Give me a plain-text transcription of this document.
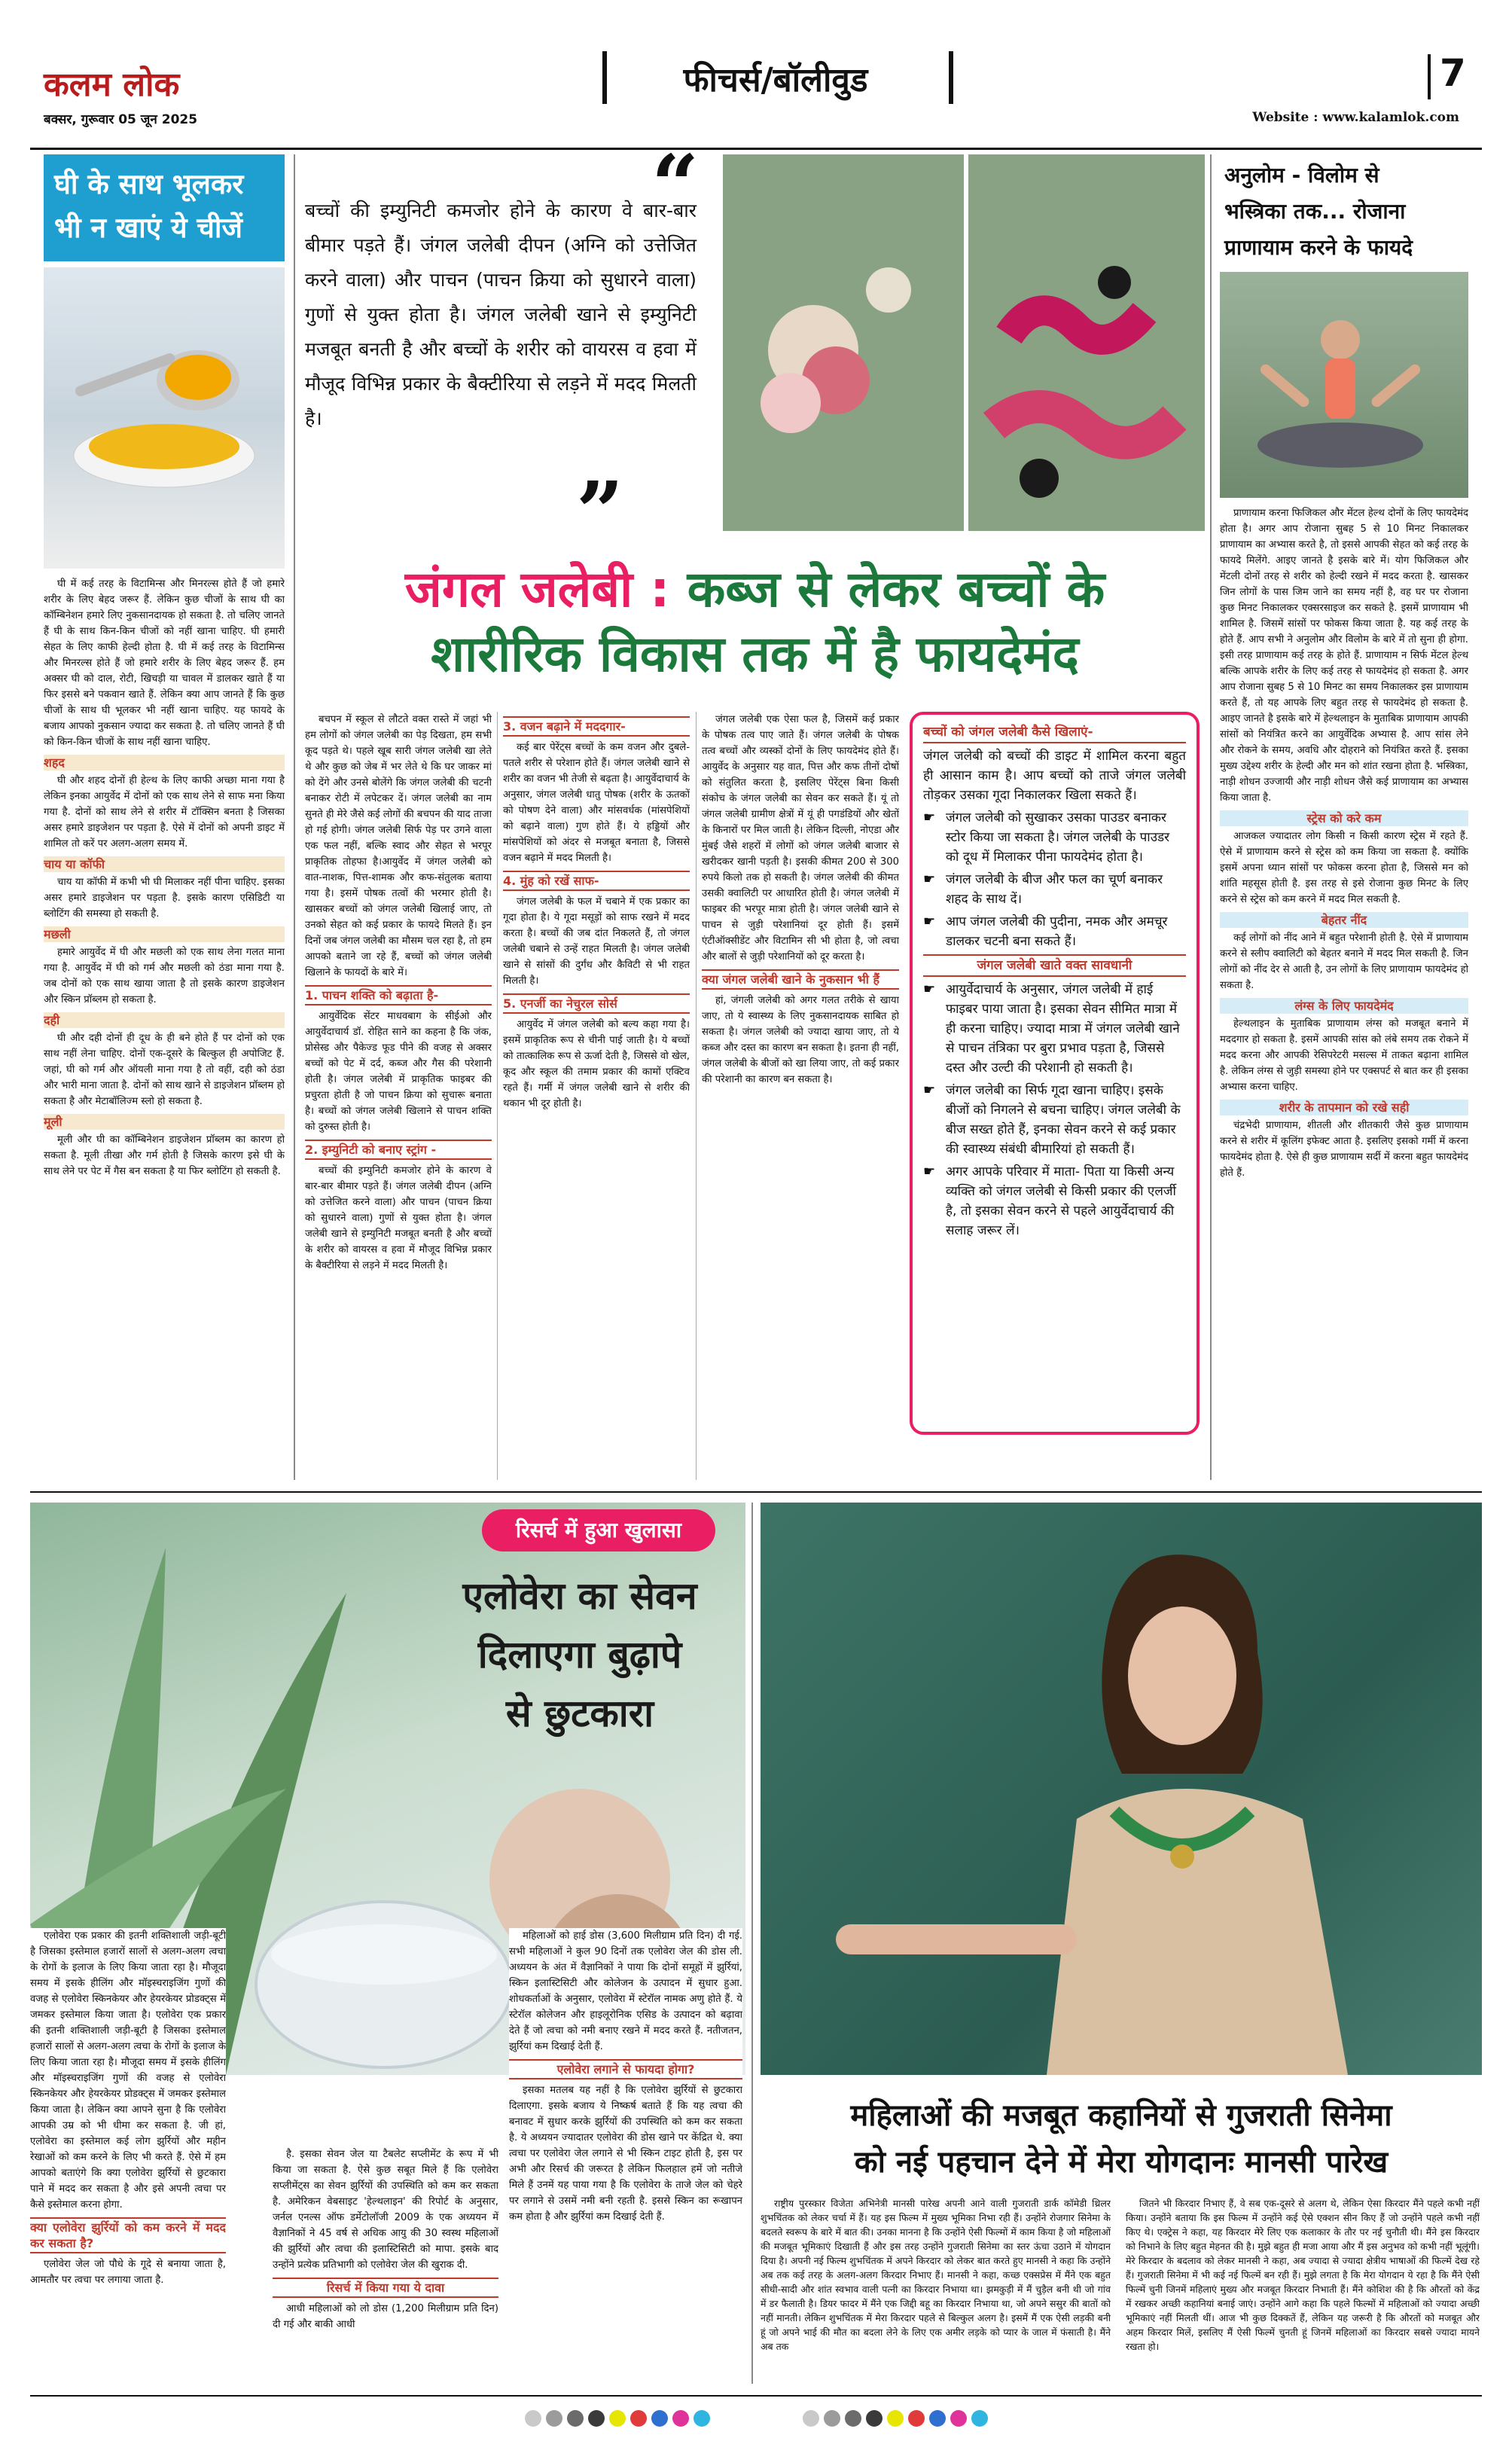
कलम लोक	फीचर्स/बॉलीवुड	7
बक्सर, गुरूवार 05 जून 2025	Website : www.kalamlok.com
घी के साथ भूलकर
भी न खाएं ये चीजें

घी में कई तरह के विटामिन्स और मिनरल्स होते हैं जो हमारे शरीर के लिए बेहद जरूर हैं. लेकिन कुछ चीजों के साथ घी का कॉम्बिनेशन हमारे लिए नुकसानदायक हो सकता है. तो चलिए जानते हैं घी के साथ किन-किन चीजों को नहीं खाना चाहिए. घी हमारी सेहत के लिए काफी हेल्दी होता है. घी में कई तरह के विटामिन्स और मिनरल्स होते हैं जो हमारे शरीर के लिए बेहद जरूर हैं. हम अक्सर घी को दाल, रोटी, खिचड़ी या चावल में डालकर खाते हैं या फिर इससे बने पकवान खाते हैं. लेकिन क्या आप जानते हैं कि कुछ चीजों के साथ घी भूलकर भी नहीं खाना चाहिए. यह फायदे के बजाय आपको नुकसान ज्यादा कर सकता है. तो चलिए जानते हैं घी को किन-किन चीजों के साथ नहीं खाना चाहिए.

शहद

घी और शहद दोनों ही हेल्थ के लिए काफी अच्छा माना गया है लेकिन इनका आयुर्वेद में दोनों को एक साथ लेने से साफ मना किया गया है. दोनों को साथ लेने से शरीर में टॉक्सिन बनता है जिसका असर हमारे डाइजेशन पर पड़ता है. ऐसे में दोनों को अपनी डाइट में शामिल तो करें पर अलग-अलग समय में.

चाय या कॉफी

चाय या कॉफी में कभी भी घी मिलाकर नहीं पीना चाहिए. इसका असर हमारे डाइजेशन पर पड़ता है. इसके कारण एसिडिटी या ब्लोटिंग की समस्या हो सकती है.

मछली

हमारे आयुर्वेद में घी और मछली को एक साथ लेना गलत माना गया है. आयुर्वेद में घी को गर्म और मछली को ठंडा माना गया है. जब दोनों को एक साथ खाया जाता है तो इसके कारण डाइजेशन और स्किन प्रॉब्लम हो सकता है.

दही

घी और दही दोनों ही दूध के ही बने होते हैं पर दोनों को एक साथ नहीं लेना चाहिए. दोनों एक-दूसरे के बिल्कुल ही अपोजिट हैं. जहां, घी को गर्म और ऑयली माना गया है तो वहीं, दही को ठंडा और भारी माना जाता है. दोनों को साथ खाने से डाइजेशन प्रॉब्लम हो सकता है और मेटाबॉलिज्म स्लो हो सकता है.

मूली

मूली और घी का कॉम्बिनेशन डाइजेशन प्रॉब्लम का कारण हो सकता है. मूली तीखा और गर्म होती है जिसके कारण इसे घी के साथ लेने पर पेट में गैस बन सकता है या फिर ब्लोटिंग हो सकती है.

“
बच्चों की इम्युनिटी कमजोर होने के कारण वे बार-बार बीमार पड़ते हैं। जंगल जलेबी दीपन (अग्नि को उत्तेजित करने वाला) और पाचन (पाचन क्रिया को सुधारने वाला) गुणों से युक्त होता है। जंगल जलेबी खाने से इम्युनिटी मजबूत बनती है और बच्चों के शरीर को वायरस व हवा में मौजूद विभिन्न प्रकार के बैक्टीरिया से लड़ने में मदद मिलती है।
”
जंगल जलेबी : कब्ज से लेकर बच्चों के
शारीरिक विकास तक में है फायदेमंद

बचपन में स्कूल से लौटते वक्त रास्ते में जहां भी हम लोगों को जंगल जलेबी का पेड़ दिखता, हम सभी कूद पड़ते थे। पहले खूब सारी जंगल जलेबी खा लेते थे और कुछ को जेब में भर लेते थे कि घर जाकर मां को देंगे और उनसे बोलेंगे कि जंगल जलेबी की चटनी बनाकर रोटी में लपेटकर दें। जंगल जलेबी का नाम सुनते ही मेरे जैसे कई लोगों की बचपन की याद ताजा हो गई होगी। जंगल जलेबी सिर्फ पेड़ पर उगने वाला एक फल नहीं, बल्कि स्वाद और सेहत से भरपूर प्राकृतिक तोहफा है।आयुर्वेद में जंगल जलेबी को वात-नाशक, पित्त-शामक और कफ-संतुलक बताया गया है। इसमें पोषक तत्वों की भरमार होती है। खासकर बच्चों को जंगल जलेबी खिलाई जाए, तो उनको सेहत को कई प्रकार के फायदे मिलते हैं। इन दिनों जब जंगल जलेबी का मौसम चल रहा है, तो हम आपको बताने जा रहे हैं, बच्चों को जंगल जलेबी खिलाने के फायदों के बारे में।

1. पाचन शक्ति को बढ़ाता है-

आयुर्वेदिक सेंटर माधवबाग के सीईओ और आयुर्वेदाचार्य डॉ. रोहित साने का कहना है कि जंक, प्रोसेस्ड और पैकेज्ड फूड पीने की वजह से अक्सर बच्चों को पेट में दर्द, कब्ज और गैस की परेशानी होती है। जंगल जलेबी में प्राकृतिक फाइबर की प्रचुरता होती है जो पाचन क्रिया को सुचारू बनाता है। बच्चों को जंगल जलेबी खिलाने से पाचन शक्ति को दुरुस्त होती है।

2. इम्युनिटी को बनाए स्ट्रांग -

बच्चों की इम्युनिटी कमजोर होने के कारण वे बार-बार बीमार पड़ते हैं। जंगल जलेबी दीपन (अग्नि को उत्तेजित करने वाला) और पाचन (पाचन क्रिया को सुधारने वाला) गुणों से युक्त होता है। जंगल जलेबी खाने से इम्युनिटी मजबूत बनती है और बच्चों के शरीर को वायरस व हवा में मौजूद विभिन्न प्रकार के बैक्टीरिया से लड़ने में मदद मिलती है।

3. वजन बढ़ाने में मददगार-

कई बार पेरेंट्स बच्चों के कम वजन और दुबले-पतले शरीर से परेशान होते हैं। जंगल जलेबी खाने से शरीर का वजन भी तेजी से बढ़ता है। आयुर्वेदाचार्य के अनुसार, जंगल जलेबी धातु पोषक (शरीर के ऊतकों को पोषण देने वाला) और मांसवर्धक (मांसपेशियों को बढ़ाने वाला) गुण होते हैं। ये हड्डियों और मांसपेशियों को अंदर से मजबूत बनाता है, जिससे वजन बढ़ाने में मदद मिलती है।

4. मुंह को रखें साफ-

जंगल जलेबी के फल में चबाने में एक प्रकार का गूदा होता है। ये गूदा मसूड़ों को साफ रखने में मदद करता है। बच्चों की जब दांत निकलते हैं, तो जंगल जलेबी चबाने से उन्हें राहत मिलती है। जंगल जलेबी खाने से सांसों की दुर्गंध और कैविटी से भी राहत मिलती है।

5. एनर्जी का नेचुरल सोर्स

आयुर्वेद में जंगल जलेबी को बल्य कहा गया है। इसमें प्राकृतिक रूप से चीनी पाई जाती है। ये बच्चों को तात्कालिक रूप से ऊर्जा देती है, जिससे वो खेल, कूद और स्कूल की तमाम प्रकार की कामों एक्टिव रहते हैं। गर्मी में जंगल जलेबी खाने से शरीर की थकान भी दूर होती है।

जंगल जलेबी एक ऐसा फल है, जिसमें कई प्रकार के पोषक तत्व पाए जाते हैं। जंगल जलेबी के पोषक तत्व बच्चों और व्यस्कों दोनों के लिए फायदेमंद होते हैं। आयुर्वेद के अनुसार यह वात, पित्त और कफ तीनों दोषों को संतुलित करता है, इसलिए पेरेंट्स बिना किसी संकोच के जंगल जलेबी का सेवन कर सकते हैं। यूं तो जंगल जलेबी ग्रामीण क्षेत्रों में यूं ही पगडंडियों और खेतों के किनारों पर मिल जाती है। लेकिन दिल्ली, नोएडा और मुंबई जैसे शहरों में लोगों को जंगल जलेबी बाजार से खरीदकर खानी पड़ती है। इसकी कीमत 200 से 300 रुपये किलो तक हो सकती है। जंगल जलेबी की कीमत उसकी क्वालिटी पर आधारित होती है। जंगल जलेबी में फाइबर की भरपूर मात्रा होती है। जंगल जलेबी खाने से पाचन से जुड़ी परेशानियां दूर होती हैं। इसमें एंटीऑक्सीडेंट और विटामिन सी भी होता है, जो त्वचा और बालों से जुड़ी परेशानियों को दूर करता है।

क्या जंगल जलेबी खाने के नुकसान भी हैं

हां, जंगली जलेबी को अगर गलत तरीके से खाया जाए, तो ये स्वास्थ्य के लिए नुकसानदायक साबित हो सकता है। जंगल जलेबी को ज्यादा खाया जाए, तो ये कब्ज और दस्त का कारण बन सकता है। इतना ही नहीं, जंगल जलेबी के बीजों को खा लिया जाए, तो कई प्रकार की परेशानी का कारण बन सकता है।

बच्चों को जंगल जलेबी कैसे खिलाएं-
जंगल जलेबी को बच्चों की डाइट में शामिल करना बहुत ही आसान काम है। आप बच्चों को ताजे जंगल जलेबी तोड़कर उसका गूदा निकालकर खिला सकते हैं।
☛ जंगल जलेबी को सुखाकर उसका पाउडर बनाकर स्टोर किया जा सकता है। जंगल जलेबी के पाउडर को दूध में मिलाकर पीना फायदेमंद होता है।
☛ जंगल जलेबी के बीज और फल का चूर्ण बनाकर शहद के साथ दें।
☛ आप जंगल जलेबी की पुदीना, नमक और अमचूर डालकर चटनी बना सकते हैं।
जंगल जलेबी खाते वक्त सावधानी
☛ आयुर्वेदाचार्य के अनुसार, जंगल जलेबी में हाई फाइबर पाया जाता है। इसका सेवन सीमित मात्रा में ही करना चाहिए। ज्यादा मात्रा में जंगल जलेबी खाने से पाचन तंत्रिका पर बुरा प्रभाव पड़ता है, जिससे दस्त और उल्टी की परेशानी हो सकती है।
☛ जंगल जलेबी का सिर्फ गूदा खाना चाहिए। इसके बीजों को निगलने से बचना चाहिए। जंगल जलेबी के बीज सख्त होते हैं, इनका सेवन करने से कई प्रकार की स्वास्थ्य संबंधी बीमारियां हो सकती हैं।
☛ अगर आपके परिवार में माता- पिता या किसी अन्य व्यक्ति को जंगल जलेबी से किसी प्रकार की एलर्जी है, तो इसका सेवन करने से पहले आयुर्वेदाचार्य की सलाह जरूर लें।
अनुलोम - विलोम से
भस्त्रिका तक... रोजाना
प्राणायाम करने के फायदे

प्राणायाम करना फिजिकल और मेंटल हेल्थ दोनों के लिए फायदेमंद होता है। अगर आप रोजाना सुबह 5 से 10 मिनट निकालकर प्राणायाम का अभ्यास करते है, तो इससे आपकी सेहत को कई तरह के फायदे मिलेंगे. आइए जानते है इसके बारे में। योग फिजिकल और मेंटली दोनों तरह से शरीर को हेल्दी रखने में मदद करता है. खासकर जिन लोगों के पास जिम जाने का समय नहीं है, वह घर पर रोजाना कुछ मिनट निकालकर एक्सरसाइज कर सकते है. इसमें प्राणायाम भी शामिल है. जिसमें सांसों पर फोकस किया जाता है. यह कई तरह के होते हैं. आप सभी ने अनुलोम और विलोम के बारे में तो सुना ही होगा. इसी तरह प्राणायाम कई तरह के होते हैं. प्राणायाम न सिर्फ मेंटल हेल्थ बल्कि आपके शरीर के लिए कई तरह से फायदेमंद हो सकता है. अगर आप रोजाना सुबह 5 से 10 मिनट का समय निकालकर इस प्राणायाम करते हैं, तो यह आपके लिए बहुत तरह से फायदेमंद हो सकता है. आइए जानते है इसके बारे में हेल्थलाइन के मुताबिक प्राणायाम आपकी सांसों को नियंत्रित करने का आयुर्वेदिक अभ्यास है. आप सांस लेने और रोकने के समय, अवधि और दोहराने को नियंत्रित करते हैं. इसका मुख्य उद्देश्य शरीर के हेल्दी और मन को शांत रखना होता है. भस्त्रिका, नाड़ी शोधन उज्जायी और नाड़ी शोधन जैसे कई प्राणायाम का अभ्यास किया जाता है.

स्ट्रेस को करे कम

आजकल ज्यादातर लोग किसी न किसी कारण स्ट्रेस में रहते हैं. ऐसे में प्राणायाम करने से स्ट्रेस को कम किया जा सकता है. क्योंकि इसमें अपना ध्यान सांसों पर फोकस करना होता है, जिससे मन को शांति महसूस होती है. इस तरह से इसे रोजाना कुछ मिनट के लिए करने से स्ट्रेस को कम करने में मदद मिल सकती है.

बेहतर नींद

कई लोगों को नींद आने में बहुत परेशानी होती है. ऐसे में प्राणायाम करने से स्लीप क्वालिटी को बेहतर बनाने में मदद मिल सकती है. जिन लोगों को नींद देर से आती है, उन लोगों के लिए प्राणायाम फायदेमंद हो सकता है.

लंग्स के लिए फायदेमंद

हेल्थलाइन के मुताबिक प्राणायाम लंग्स को मजबूत बनाने में मददगार हो सकता है. इसमें आपकी सांस को लंबे समय तक रोकने में मदद करना और आपकी रेसिपरेटरी मसल्स में ताकत बढ़ाना शामिल है. लेकिन लंग्स से जुड़ी समस्या होने पर एक्सपर्ट से बात कर ही इसका अभ्यास करना चाहिए.

शरीर के तापमान को रखे सही

चंद्रभेदी प्राणायाम, शीतली और शीतकारी जैसे कुछ प्राणायाम करने से शरीर में कूलिंग इफेक्ट आता है. इसलिए इसको गर्मी में करना फायदेमंद होता है. ऐसे ही कुछ प्राणायाम सर्दी में करना बहुत फायदेमंद होते हैं.

रिसर्च में हुआ खुलासा
एलोवेरा का सेवन
दिलाएगा बुढ़ापे
से छुटकारा

एलोवेरा एक प्रकार की इतनी शक्तिशाली जड़ी-बूटी है जिसका इस्तेमाल हजारों सालों से अलग-अलग त्वचा के रोगों के इलाज के लिए किया जाता रहा है। मौजूदा समय में इसके हीलिंग और मॉइस्चराइजिंग गुणों की वजह से एलोवेरा स्किनकेयर और हेयरकेयर प्रोडक्ट्स में जमकर इस्तेमाल किया जाता है। एलोवेरा एक प्रकार की इतनी शक्तिशाली जड़ी-बूटी है जिसका इस्तेमाल हजारों सालों से अलग-अलग त्वचा के रोगों के इलाज के लिए किया जाता रहा है। मौजूदा समय में इसके हीलिंग और मॉइस्चराइजिंग गुणों की वजह से एलोवेरा स्किनकेयर और हेयरकेयर प्रोडक्ट्स में जमकर इस्तेमाल किया जाता है। लेकिन क्या आपने सुना है कि एलोवेरा आपकी उम्र को भी धीमा कर सकता है. जी हां, एलोवेरा का इस्तेमाल कई लोग झुर्रियों और महीन रेखाओं को कम करने के लिए भी करते हैं. ऐसे में हम आपको बताएंगे कि क्या एलोवेरा झुर्रियों से छुटकारा पाने में मदद कर सकता है और इसे अपनी त्वचा पर कैसे इस्तेमाल करना होगा.

क्या एलोवेरा झुर्रियों को कम करने में मदद कर सकता है?

एलोवेरा जेल जो पौधे के गूदे से बनाया जाता है, आमतौर पर त्वचा पर लगाया जाता है.

है. इसका सेवन जेल या टैबलेट सप्लीमेंट के रूप में भी किया जा सकता है. ऐसे कुछ सबूत मिले हैं कि एलोवेरा सप्लीमेंट्स का सेवन झुर्रियों की उपस्थिति को कम कर सकता है. अमेरिकन वेबसाइट 'हेल्थलाइन' की रिपोर्ट के अनुसार, जर्नल एनल्स ऑफ डर्मेटोलॉजी 2009 के एक अध्ययन में वैज्ञानिकों ने 45 वर्ष से अधिक आयु की 30 स्वस्थ महिलाओं की झुर्रियों और त्वचा की इलास्टिसिटी को मापा. इसके बाद उन्होंने प्रत्येक प्रतिभागी को एलोवेरा जेल की खुराक दी.

रिसर्च में किया गया ये दावा

आधी महिलाओं को लो डोस (1,200 मिलीग्राम प्रति दिन) दी गई और बाकी आधी

महिलाओं को हाई डोस (3,600 मिलीग्राम प्रति दिन) दी गई. सभी महिलाओं ने कुल 90 दिनों तक एलोवेरा जेल की डोस ली. अध्ययन के अंत में वैज्ञानिकों ने पाया कि दोनों समूहों में झुर्रियां, स्किन इलास्टिसिटी और कोलेजन के उत्पादन में सुधार हुआ. शोधकर्ताओं के अनुसार, एलोवेरा में स्टेरॉल नामक अणु होते हैं. ये स्टेरॉल कोलेजन और हाइलूरोनिक एसिड के उत्पादन को बढ़ावा देते हैं जो त्वचा को नमी बनाए रखने में मदद करते हैं. नतीजतन, झुर्रियां कम दिखाई देती हैं.

एलोवेरा लगाने से फायदा होगा?

इसका मतलब यह नहीं है कि एलोवेरा झुर्रियों से छुटकारा दिलाएगा. इसके बजाय ये निष्कर्ष बताते हैं कि यह त्वचा की बनावट में सुधार करके झुर्रियों की उपस्थिति को कम कर सकता है. ये अध्ययन ज्यादातर एलोवेरा की डोस खाने पर केंद्रित थे. क्या त्वचा पर एलोवेरा जेल लगाने से भी स्किन टाइट होती है, इस पर अभी और रिसर्च की जरूरत है लेकिन फिलहाल हमें जो नतीजे मिले हैं उनमें यह पाया गया है कि एलोवेरा के ताजे जेल को चेहरे पर लगाने से उसमें नमी बनी रहती है. इससे स्किन का रूखापन कम होता है और झुर्रियां कम दिखाई देती हैं.

महिलाओं की मजबूत कहानियों से गुजराती सिनेमा
को नई पहचान देने में मेरा योगदानः मानसी पारेख

राष्ट्रीय पुरस्कार विजेता अभिनेत्री मानसी पारेख अपनी आने वाली गुजराती डार्क कॉमेडी थ्रिलर शुभचिंतक को लेकर चर्चा में हैं। यह इस फिल्म में मुख्य भूमिका निभा रही हैं। उन्होंने रोजगार सिनेमा के बदलते स्वरूप के बारे में बात की। उनका मानना है कि उन्होंने ऐसी फिल्मों में काम किया है जो महिलाओं की मजबूत भूमिकाएं दिखाती हैं और इस तरह उन्होंने गुजराती सिनेमा का स्तर ऊंचा उठाने में योगदान दिया है। अपनी नई फिल्म शुभचिंतक में अपने किरदार को लेकर बात करते हुए मानसी ने कहा कि उन्होंने अब तक कई तरह के अलग-अलग किरदार निभाए हैं। मानसी ने कहा, कच्छ एक्सप्रेस में मैंने एक बहुत सीधी-सादी और शांत स्वभाव वाली पत्नी का किरदार निभाया था। झमकुड़ी में मैं चुड़ैल बनी थी जो गांव में डर फैलाती है। डियर फादर में मैंने एक जिद्दी बहू का किरदार निभाया था, जो अपने ससुर की बातों को नहीं मानती। लेकिन शुभचिंतक में मेरा किरदार पहले से बिल्कुल अलग है। इसमें मैं एक ऐसी लड़की बनी हूं जो अपने भाई की मौत का बदला लेने के लिए एक अमीर लड़के को प्यार के जाल में फंसाती है। मैंने अब तक

जितने भी किरदार निभाए हैं, वे सब एक-दूसरे से अलग थे, लेकिन ऐसा किरदार मैंने पहले कभी नहीं किया। उन्होंने बताया कि इस फिल्म में उन्होंने कई ऐसे एक्शन सीन किए हैं जो उन्होंने पहले कभी नहीं किए थे। एक्ट्रेस ने कहा, यह किरदार मेरे लिए एक कलाकार के तौर पर नई चुनौती थी। मैंने इस किरदार को निभाने के लिए बहुत मेहनत की है। मुझे बहुत ही मजा आया और मैं इस अनुभव को कभी नहीं भूलूंगी। मेरे किरदार के बदलाव को लेकर मानसी ने कहा, अब ज्यादा से ज्यादा क्षेत्रीय भाषाओं की फिल्में देख रहे हैं। गुजराती सिनेमा में भी कई नई फिल्में बन रही हैं। मुझे लगता है कि मेरा योगदान ये रहा है कि मैंने ऐसी फिल्में चुनी जिनमें महिलाएं मुख्य और मजबूत किरदार निभाती हैं। मैंने कोशिश की है कि औरतों को केंद्र में रखकर अच्छी कहानियां बनाई जाएं। उन्होंने आगे कहा कि पहले फिल्मों में महिलाओं को ज्यादा अच्छी भूमिकाएं नहीं मिलती थीं। आज भी कुछ दिक्कतें हैं, लेकिन यह जरूरी है कि औरतों को मजबूत और अहम किरदार मिलें, इसलिए मैं ऐसी फिल्में चुनती हूं जिनमें महिलाओं का किरदार सबसे ज्यादा मायने रखता हो।
